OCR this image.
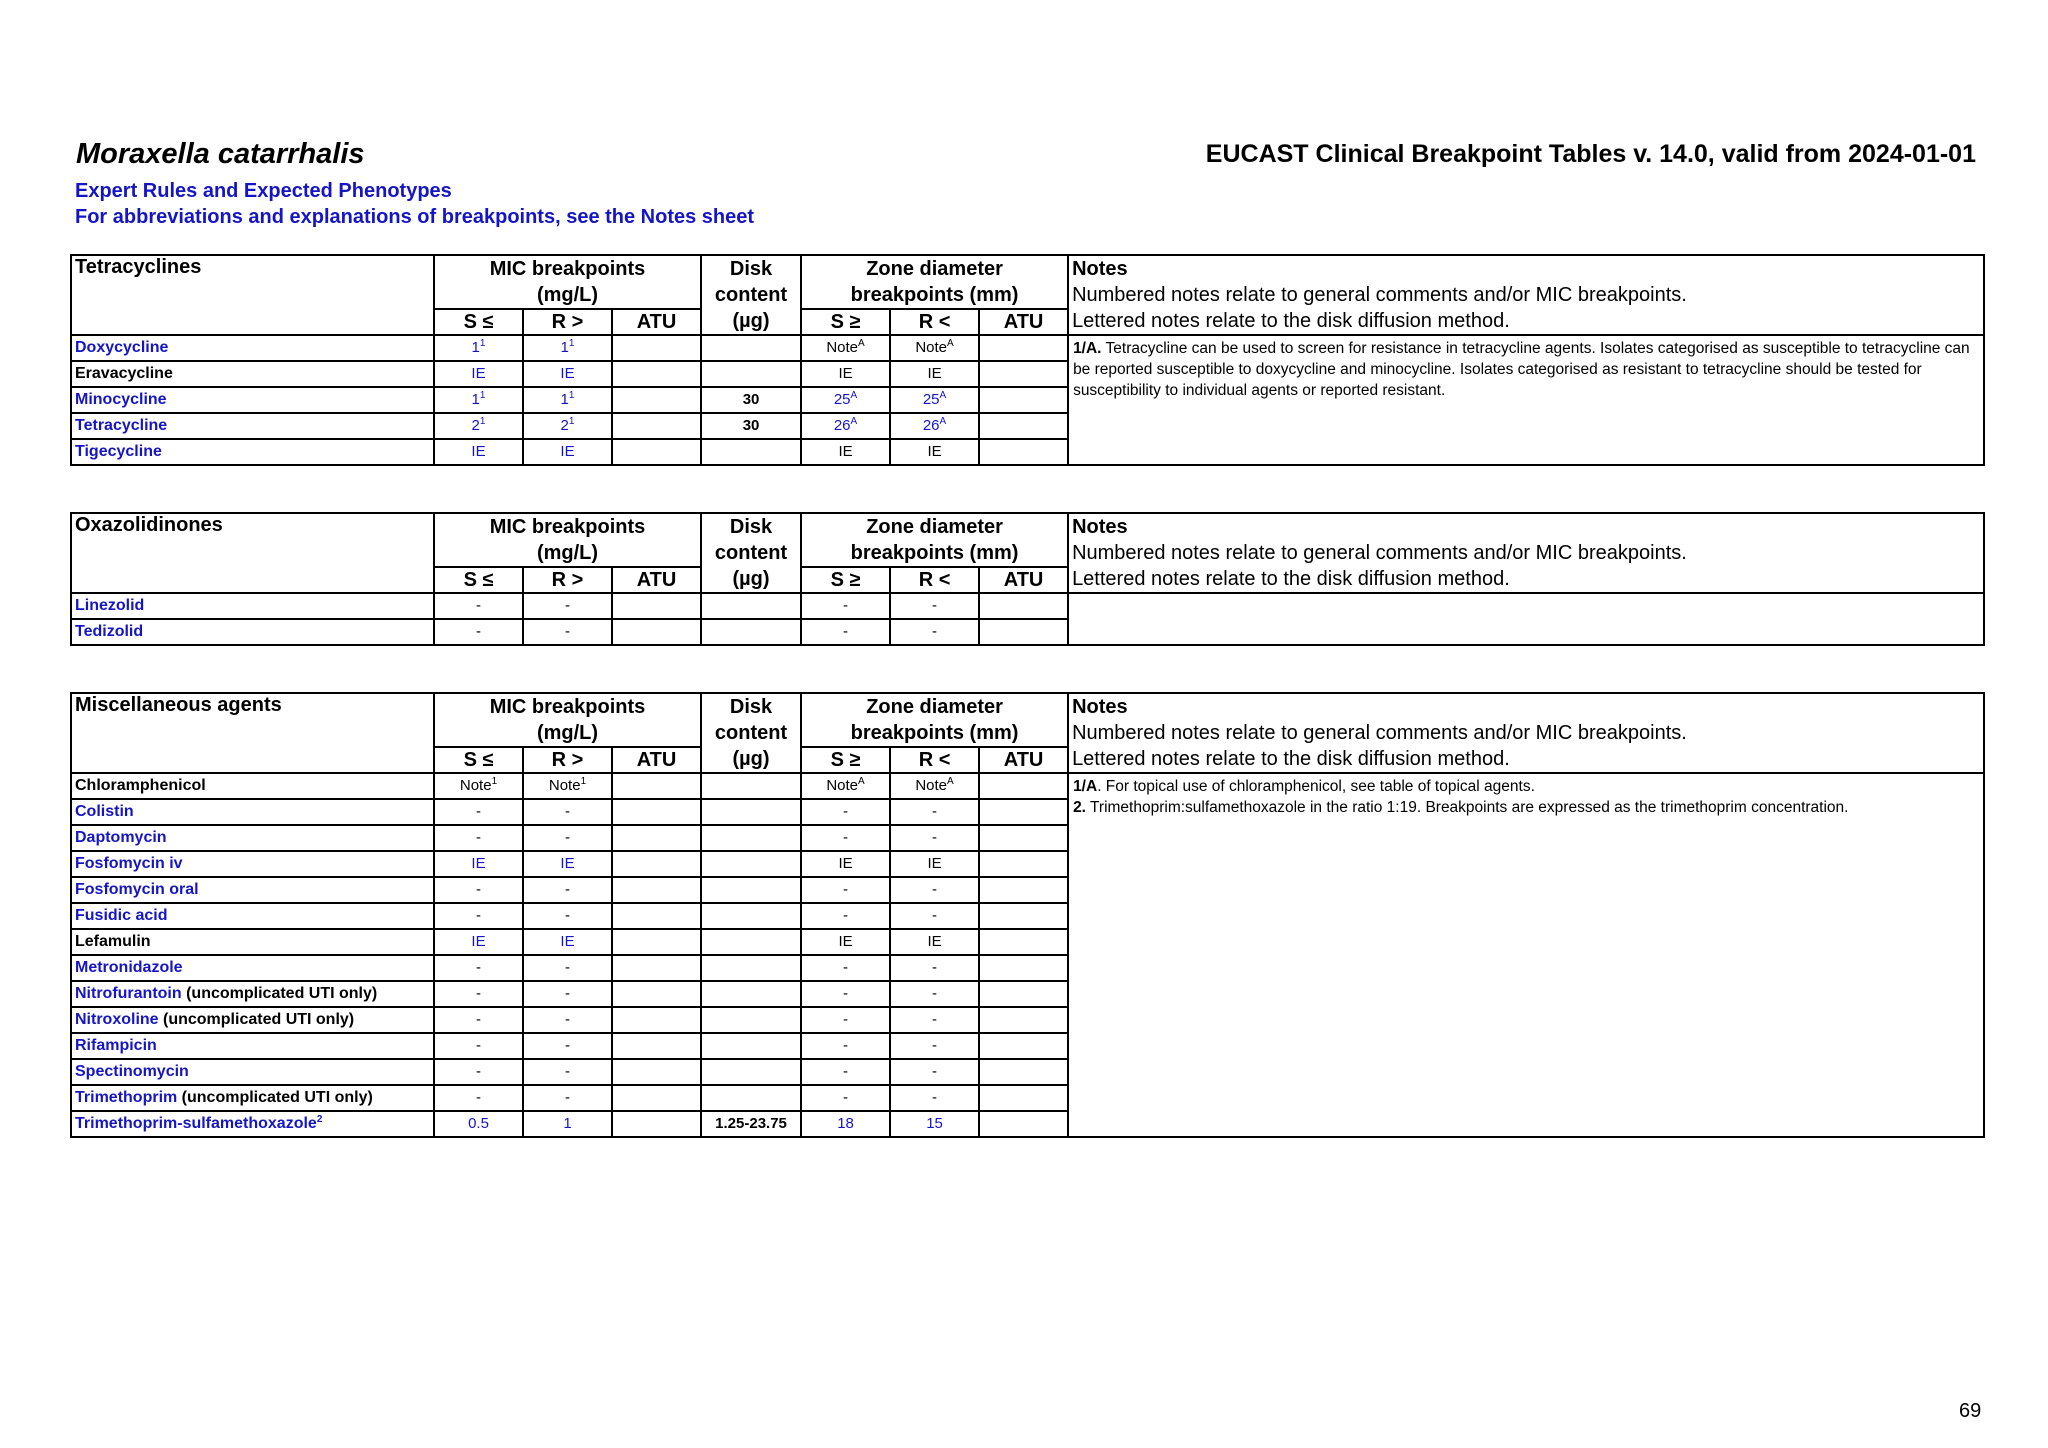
Moraxella catarrhalis	EUCAST Clinical Breakpoint Tables v. 14.0, valid from 2024-01-01
Expert Rules and Expected Phenotypes
For abbreviations and explanations of breakpoints, see the Notes sheet
Tetracyclines	MIC breakpoints
(mg/L)			Disk
content
(µg)	Zone diameter
breakpoints (mm)			Notes
Numbered notes relate to general comments and/or MIC breakpoints.
Lettered notes relate to the disk diffusion method.
	S ≤	R >	ATU		S ≥	R <	ATU	
Doxycycline	$1^1$	$1^1$			Note$^A$	Note$^A$		1/A. Tetracycline can be used to screen for resistance in tetracycline agents. Isolates categorised as susceptible to tetracycline can be reported susceptible to doxycycline and minocycline. Isolates categorised as resistant to tetracycline should be tested for susceptibility to individual agents or reported resistant.

Eravacycline	IE	IE			IE	IE		
Minocycline	$1^1$	$1^1$		30	$25^A$	$25^A$	
Tetracycline	$2^1$	$2^1$		30	$26^A$	$26^A$	
Tigecycline	IE	IE			IE	IE		
Oxazolidinones	MIC breakpoints
(mg/L)			Disk
content
(µg)	Zone diameter
breakpoints (mm)			Notes
Numbered notes relate to general comments and/or MIC breakpoints.
Lettered notes relate to the disk diffusion method.
	S ≤	R >	ATU		S ≥	R <	ATU	
Linezolid	-	-			-	-		
Tedizolid	-	-			-	-		
Miscellaneous agents	MIC breakpoints
(mg/L)			Disk
content
(µg)	Zone diameter
breakpoints (mm)			Notes
Numbered notes relate to general comments and/or MIC breakpoints.
Lettered notes relate to the disk diffusion method.
	S ≤	R >	ATU		S ≥	R <	ATU	
Chloramphenicol	Note$^1$	Note$^1$			Note$^A$	Note$^A$		1/A. For topical use of chloramphenicol, see table of topical agents.

2. Trimethoprim:sulfamethoxazole in the ratio 1:19. Breakpoints are expressed as the trimethoprim concentration.

Colistin	-	-			-	-		
Daptomycin	-	-			-	-		
Fosfomycin iv	IE	IE			IE	IE		
Fosfomycin oral	-	-			-	-		
Fusidic acid	-	-			-	-		
Lefamulin	IE	IE			IE	IE		
Metronidazole	-	-			-	-		
Nitrofurantoin (uncomplicated UTI only)	-	-			-	-		
Nitroxoline (uncomplicated UTI only)	-	-			-	-		
Rifampicin	-	-			-	-		
Spectinomycin	-	-			-	-		
Trimethoprim (uncomplicated UTI only)	-	-			-	-		
Trimethoprim-sulfamethoxazole$^2$	0.5	1		1.25-23.75	18	15		
69
